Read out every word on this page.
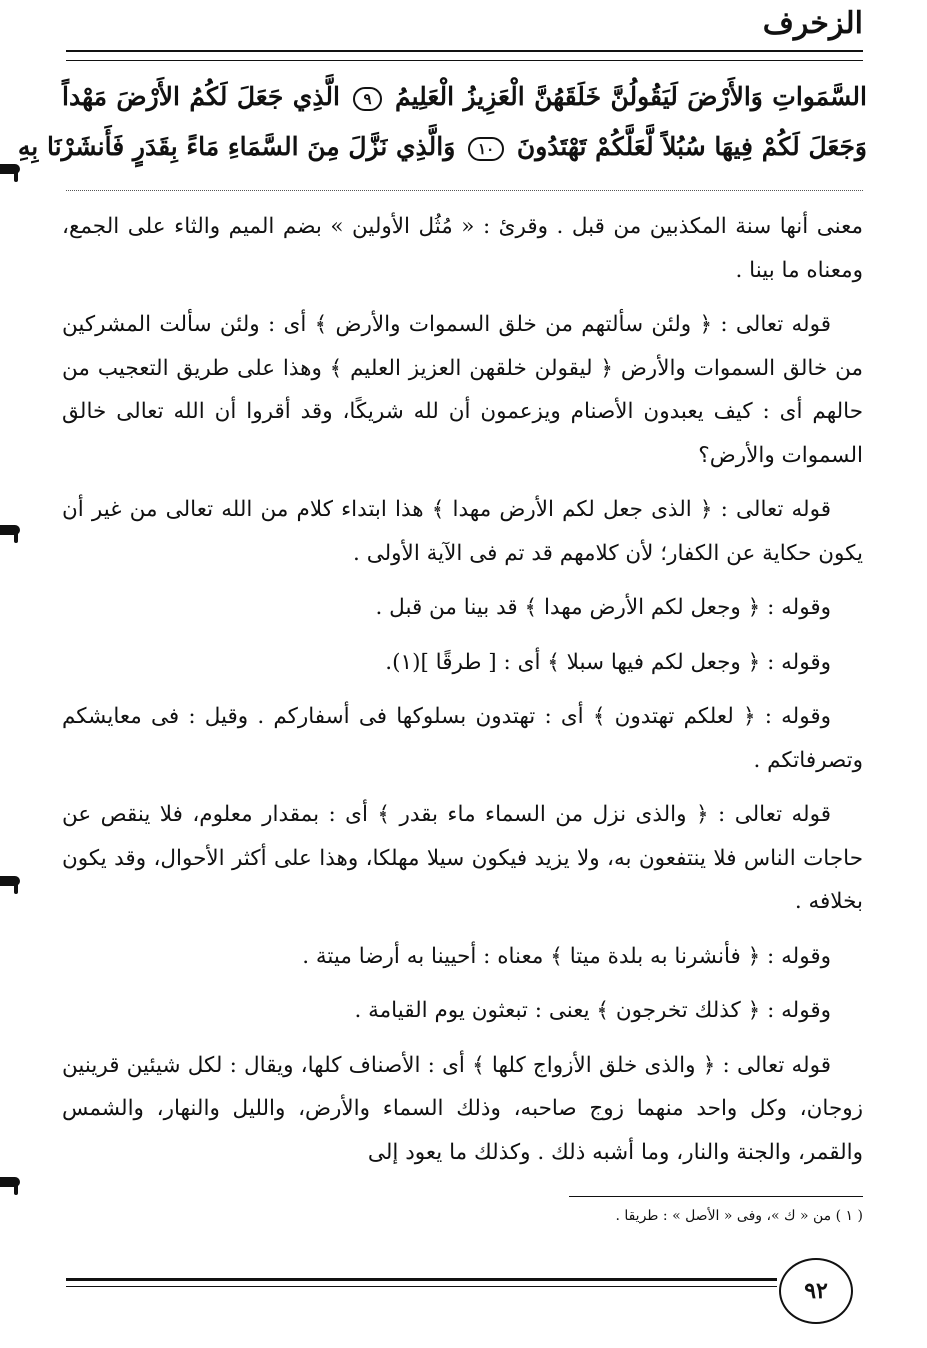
الزخرف
السَّمَواتِ وَالأَرْضَ لَيَقُولُنَّ خَلَقَهُنَّ الْعَزِيزُ الْعَلِيمُ ٩ الَّذِي جَعَلَ لَكُمُ الأَرْضَ مَهْداً
وَجَعَلَ لَكُمْ فِيهَا سُبُلاً لَّعَلَّكُمْ تَهْتَدُونَ ١٠ وَالَّذِي نَزَّلَ مِنَ السَّمَاءِ مَاءً بِقَدَرٍ فَأَنشَرْنَا بِهِ

معنى أنها سنة المكذبين من قبل . وقرئ : « مُثُل الأولين » بضم الميم والثاء على الجمع، ومعناه ما بينا .

قوله تعالى : ﴿ ولئن سألتهم من خلق السموات والأرض ﴾ أى : ولئن سألت المشركين من خالق السموات والأرض ﴿ ليقولن خلقهن العزيز العليم ﴾ وهذا على طريق التعجيب من حالهم أى : كيف يعبدون الأصنام ويزعمون أن لله شريكًا، وقد أقروا أن الله تعالى خالق السموات والأرض؟

قوله تعالى : ﴿ الذى جعل لكم الأرض مهدا ﴾ هذا ابتداء كلام من الله تعالى من غير أن يكون حكاية عن الكفار؛ لأن كلامهم قد تم فى الآية الأولى .

وقوله : ﴿ وجعل لكم الأرض مهدا ﴾ قد بينا من قبل .

وقوله : ﴿ وجعل لكم فيها سبلا ﴾ أى : [ طرقًا ](١).

وقوله : ﴿ لعلكم تهتدون ﴾ أى : تهتدون بسلوكها فى أسفاركم . وقيل : فى معايشكم وتصرفاتكم .

قوله تعالى : ﴿ والذى نزل من السماء ماء بقدر ﴾ أى : بمقدار معلوم، فلا ينقص عن حاجات الناس فلا ينتفعون به، ولا يزيد فيكون سيلا مهلكا، وهذا على أكثر الأحوال، وقد يكون بخلافه .

وقوله : ﴿ فأنشرنا به بلدة ميتا ﴾ معناه : أحيينا به أرضا ميتة .

وقوله : ﴿ كذلك تخرجون ﴾ يعنى : تبعثون يوم القيامة .

قوله تعالى : ﴿ والذى خلق الأزواج كلها ﴾ أى : الأصناف كلها، ويقال : لكل شيئين قرينين زوجان، وكل واحد منهما زوج صاحبه، وذلك السماء والأرض، والليل والنهار، والشمس والقمر، والجنة والنار، وما أشبه ذلك . وكذلك ما يعود إلى

( ١ ) من « ك »، وفى « الأصل » : طريقا .
٩٢
